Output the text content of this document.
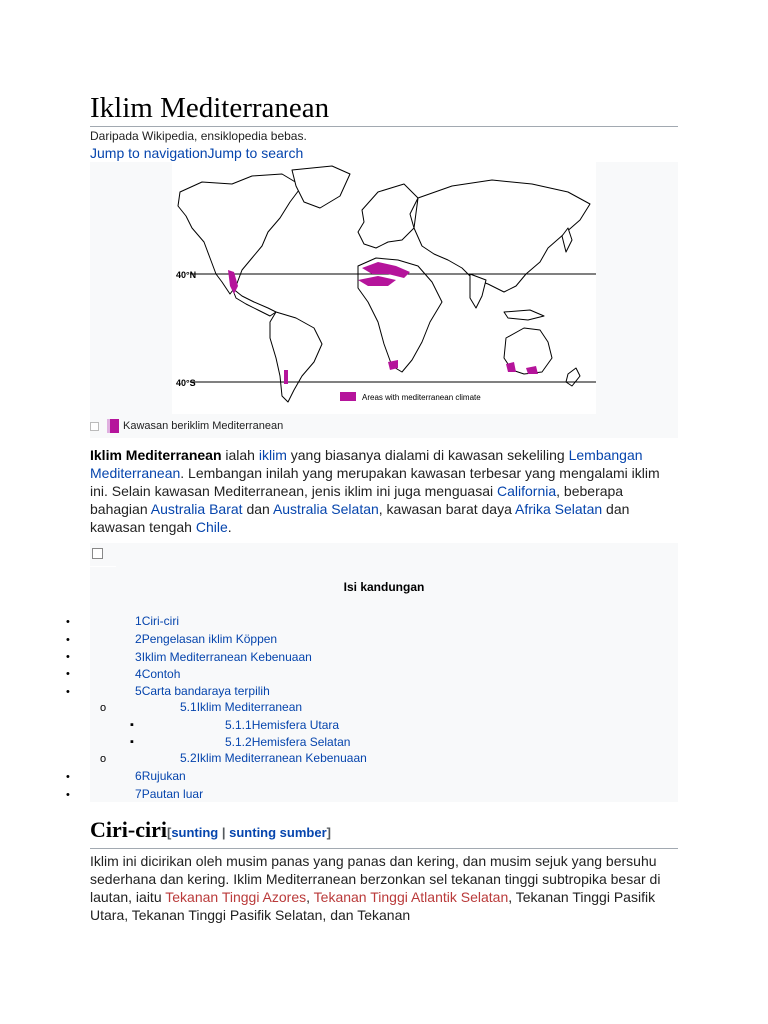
Iklim Mediterranean
Daripada Wikipedia, ensiklopedia bebas.
Jump to navigationJump to search
40°N
40°S
Areas with mediterranean climate
Kawasan beriklim Mediterranean

Iklim Mediterranean ialah iklim yang biasanya dialami di kawasan sekeliling Lembangan Mediterranean. Lembangan inilah yang merupakan kawasan terbesar yang mengalami iklim ini. Selain kawasan Mediterranean, jenis iklim ini juga menguasai California, beberapa bahagian Australia Barat dan Australia Selatan, kawasan barat daya Afrika Selatan dan kawasan tengah Chile.

Isi kandungan
•
•
•
•
•
o
▪
▪
o
•
•
1Ciri-ciri
2Pengelasan iklim Köppen
3Iklim Mediterranean Kebenuaan
4Contoh
5Carta bandaraya terpilih
5.1Iklim Mediterranean
5.1.1Hemisfera Utara
5.1.2Hemisfera Selatan
5.2Iklim Mediterranean Kebenuaan
6Rujukan
7Pautan luar
Ciri-ciri[sunting | sunting sumber]

Iklim ini dicirikan oleh musim panas yang panas dan kering, dan musim sejuk yang bersuhu sederhana dan kering. Iklim Mediterranean berzonkan sel tekanan tinggi subtropika besar di lautan, iaitu Tekanan Tinggi Azores, Tekanan Tinggi Atlantik Selatan, Tekanan Tinggi Pasifik Utara, Tekanan Tinggi Pasifik Selatan, dan Tekanan
